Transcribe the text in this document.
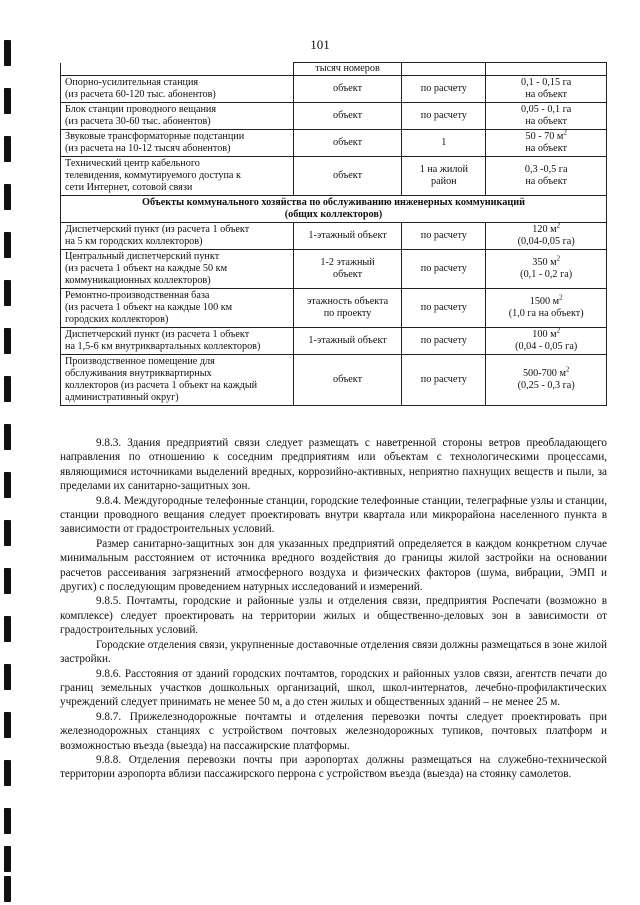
101
	тысяч номеров		
Опорно-усилительная станция
(из расчета 60-120 тыс. абонентов)	объект	по расчету	0,1 - 0,15 га
на объект
Блок станции проводного вещания
(из расчета 30-60 тыс. абонентов)	объект	по расчету	0,05 - 0,1 га
на объект
Звуковые трансформаторные подстанции
(из расчета на 10-12 тысяч абонентов)	объект	1	50 - 70 $м^2$
на объект
Технический центр кабельного
телевидения, коммутируемого доступа к
сети Интернет, сотовой связи	объект	1 на жилой
район	0,3 -0,5 га
на объект
Объекты коммунального хозяйства по обслуживанию инженерных коммуникаций
(общих коллекторов)			
Диспетчерский пункт (из расчета 1 объект
на 5 км городских коллекторов)	1-этажный объект	по расчету	120 $м^2$
(0,04-0,05 га)
Центральный диспетчерский пункт
(из расчета 1 объект на каждые 50 км
коммуникационных коллекторов)	1-2 этажный
объект	по расчету	350 $м^2$
(0,1 - 0,2 га)
Ремонтно-производственная база
(из расчета 1 объект на каждые 100 км
городских коллекторов)	этажность объекта
по проекту	по расчету	1500 $м^2$
(1,0 га на объект)
Диспетчерский пункт (из расчета 1 объект
на 1,5-6 км внутриквартальных коллекторов)	1-этажный объект	по расчету	100 $м^2$
(0,04 - 0,05 га)
Производственное помещение для
обслуживания внутриквартирных
коллекторов (из расчета 1 объект на каждый
административный округ)	объект	по расчету	500-700 $м^2$
(0,25 - 0,3 га)

9.8.3. Здания предприятий связи следует размещать с наветренной стороны ветров преобладающего направления по отношению к соседним предприятиям или объектам с технологическими процессами, являющимися источниками выделений вредных, коррозийно-активных, неприятно пахнущих веществ и пыли, за пределами их санитарно-защитных зон.

9.8.4. Междугородные телефонные станции, городские телефонные станции, телеграфные узлы и станции, станции проводного вещания следует проектировать внутри квартала или микрорайона населенного пункта в зависимости от градостроительных условий.

Размер санитарно-защитных зон для указанных предприятий определяется в каждом конкретном случае минимальным расстоянием от источника вредного воздействия до границы жилой застройки на основании расчетов рассеивания загрязнений атмосферного воздуха и физических факторов (шума, вибрации, ЭМП и других) с последующим проведением натурных исследований и измерений.

9.8.5. Почтамты, городские и районные узлы и отделения связи, предприятия Роспечати (возможно в комплексе) следует проектировать на территории жилых и общественно-деловых зон в зависимости от градостроительных условий.

Городские отделения связи, укрупненные доставочные отделения связи должны размещаться в зоне жилой застройки.

9.8.6. Расстояния от зданий городских почтамтов, городских и районных узлов связи, агентств печати до границ земельных участков дошкольных организаций, школ, школ-интернатов, лечебно-профилактических учреждений следует принимать не менее 50 м, а до стен жилых и общественных зданий – не менее 25 м.

9.8.7. Прижелезнодорожные почтамты и отделения перевозки почты следует проектировать при железнодорожных станциях с устройством почтовых железнодорожных тупиков, почтовых платформ и возможностью въезда (выезда) на пассажирские платформы.

9.8.8. Отделения перевозки почты при аэропортах должны размещаться на служебно-технической территории аэропорта вблизи пассажирского перрона с устройством въезда (выезда) на стоянку самолетов.
